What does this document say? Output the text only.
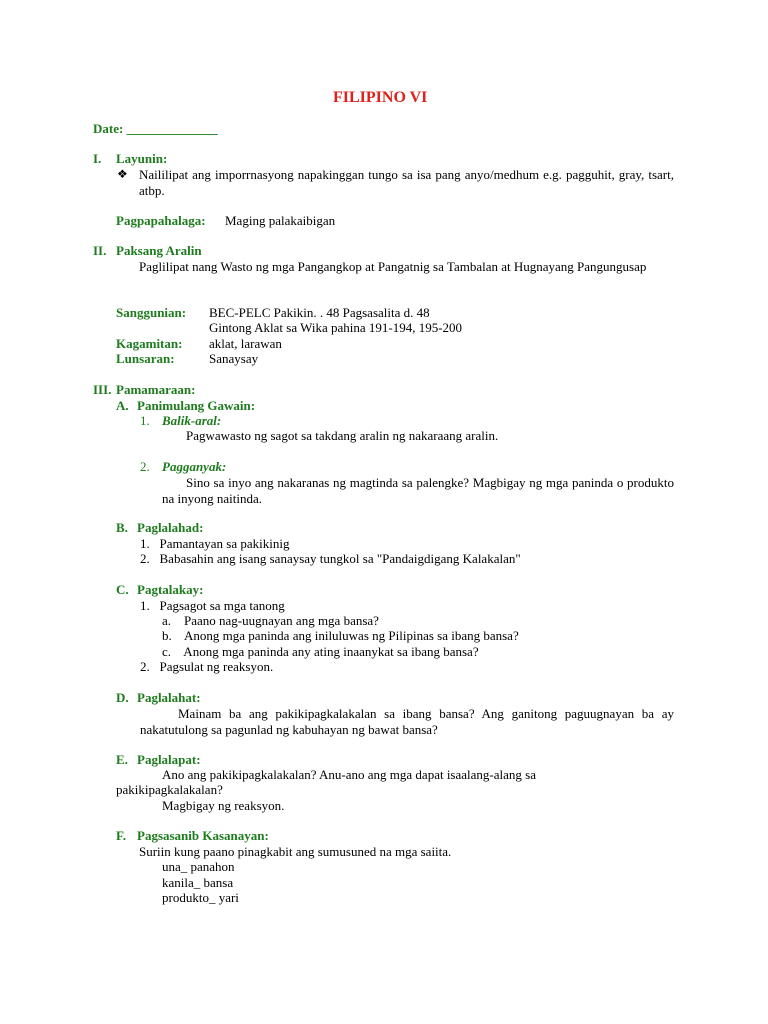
FILIPINO VI
Date: ______________
I. Layunin:
❖ Naililipat ang imporrnasyong napakinggan tungo sa isa pang anyo/medhum e.g. pagguhit, gray, tsart, atbp.
Pagpapahalaga: Maging palakaibigan
II. Paksang Aralin
Paglilipat nang Wasto ng mga Pangangkop at Pangatnig sa Tambalan at Hugnayang Pangungusap
Sanggunian: BEC-PELC Pakikin. . 48 Pagsasalita d. 48
Gintong Aklat sa Wika pahina 191-194, 195-200
Kagamitan: aklat, larawan
Lunsaran:	Sanaysay
III. Pamamaraan:
A. Panimulang Gawain:
1. Balik-aral:
Pagwawasto ng sagot sa takdang aralin ng nakaraang aralin.
2. Pagganyak:
Sino sa inyo ang nakaranas ng magtinda sa palengke? Magbigay ng mga paninda o produkto na inyong naitinda.
B. Paglalahad:
1.   Pamantayan sa pakikinig
2.   Babasahin ang isang sanaysay tungkol sa "Pandaigdigang Kalakalan"
C. Pagtalakay:
1.   Pagsagot sa mga tanong
a.    Paano nag-uugnayan ang mga bansa?
b.    Anong mga paninda ang iniluluwas ng Pilipinas sa ibang bansa?
c.    Anong mga paninda any ating inaanykat sa ibang bansa?
2.   Pagsulat ng reaksyon.
D. Paglalahat:
Mainam ba ang pakikipagkalakalan sa ibang bansa? Ang ganitong paguugnayan ba ay nakatutulong sa pagunlad ng kabuhayan ng bawat bansa?
E. Paglalapat:
Ano ang pakikipagkalakalan? Anu-ano ang mga dapat isaalang-alang sa
pakikipagkalakalan?
Magbigay ng reaksyon.
F. Pagsasanib Kasanayan:
Suriin kung paano pinagkabit ang sumusuned na mga saiita.
una_ panahon
kanila_ bansa
produkto_ yari
